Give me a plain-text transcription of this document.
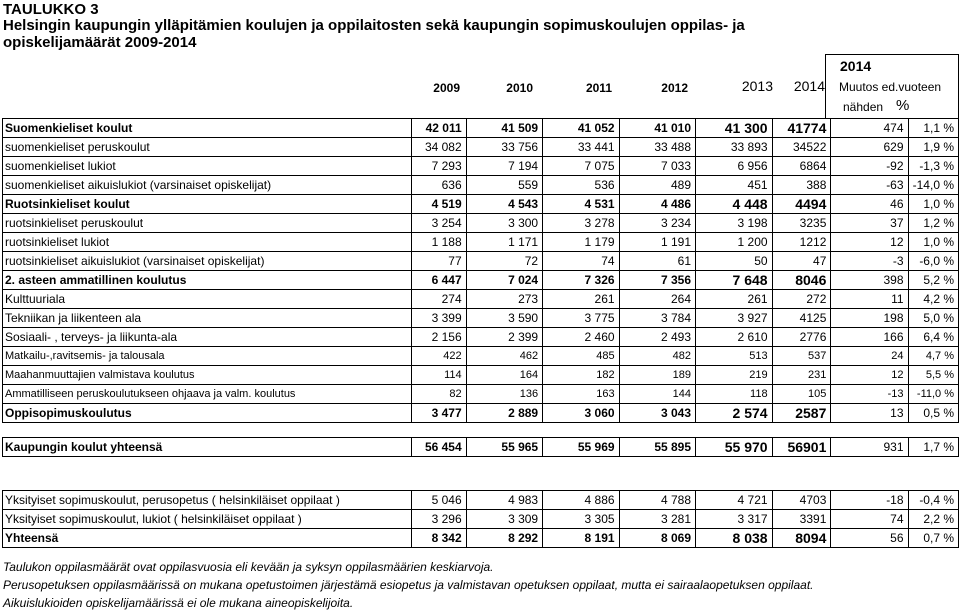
TAULUKKO 3
Helsingin kaupungin ylläpitämien koulujen ja oppilaitosten sekä kaupungin sopimuskoulujen oppilas- ja
opiskelijamäärät 2009-2014
2014
Muutos ed.vuoteen
nähden %
2009	2010	2011	2012	2013	2014
Suomenkieliset koulut	42 011	41 509	41 052	41 010	41 300	41774	474	1,1 %
suomenkieliset peruskoulut	34 082	33 756	33 441	33 488	33 893	34522	629	1,9 %
suomenkieliset lukiot	7 293	7 194	7 075	7 033	6 956	6864	-92	-1,3 %
suomenkieliset aikuislukiot (varsinaiset opiskelijat)	636	559	536	489	451	388	-63	-14,0 %
Ruotsinkieliset koulut	4 519	4 543	4 531	4 486	4 448	4494	46	1,0 %
ruotsinkieliset peruskoulut	3 254	3 300	3 278	3 234	3 198	3235	37	1,2 %
ruotsinkieliset lukiot	1 188	1 171	1 179	1 191	1 200	1212	12	1,0 %
ruotsinkieliset aikuislukiot (varsinaiset opiskelijat)	77	72	74	61	50	47	-3	-6,0 %
2. asteen ammatillinen koulutus	6 447	7 024	7 326	7 356	7 648	8046	398	5,2 %
Kulttuuriala	274	273	261	264	261	272	11	4,2 %
Tekniikan ja liikenteen ala	3 399	3 590	3 775	3 784	3 927	4125	198	5,0 %
Sosiaali- , terveys- ja liikunta-ala	2 156	2 399	2 460	2 493	2 610	2776	166	6,4 %
Matkailu-,ravitsemis- ja talousala	422	462	485	482	513	537	24	4,7 %
Maahanmuuttajien valmistava koulutus	114	164	182	189	219	231	12	5,5 %
Ammatilliseen peruskoulutukseen ohjaava ja valm. koulutus	82	136	163	144	118	105	-13	-11,0 %
Oppisopimuskoulutus	3 477	2 889	3 060	3 043	2 574	2587	13	0,5 %

Kaupungin koulut yhteensä	56 454	55 965	55 969	55 895	55 970	56901	931	1,7 %

Yksityiset sopimuskoulut, perusopetus ( helsinkiläiset oppilaat )	5 046	4 983	4 886	4 788	4 721	4703	-18	-0,4 %
Yksityiset sopimuskoulut, lukiot ( helsinkiläiset oppilaat )	3 296	3 309	3 305	3 281	3 317	3391	74	2,2 %
Yhteensä	8 342	8 292	8 191	8 069	8 038	8094	56	0,7 %
Taulukon oppilasmäärät ovat oppilasvuosia eli kevään ja syksyn oppilasmäärien keskiarvoja.
Perusopetuksen oppilasmäärissä on mukana opetustoimen järjestämä esiopetus ja valmistavan opetuksen oppilaat, mutta ei sairaalaopetuksen oppilaat.
Aikuislukioiden opiskelijamäärissä ei ole mukana aineopiskelijoita.
